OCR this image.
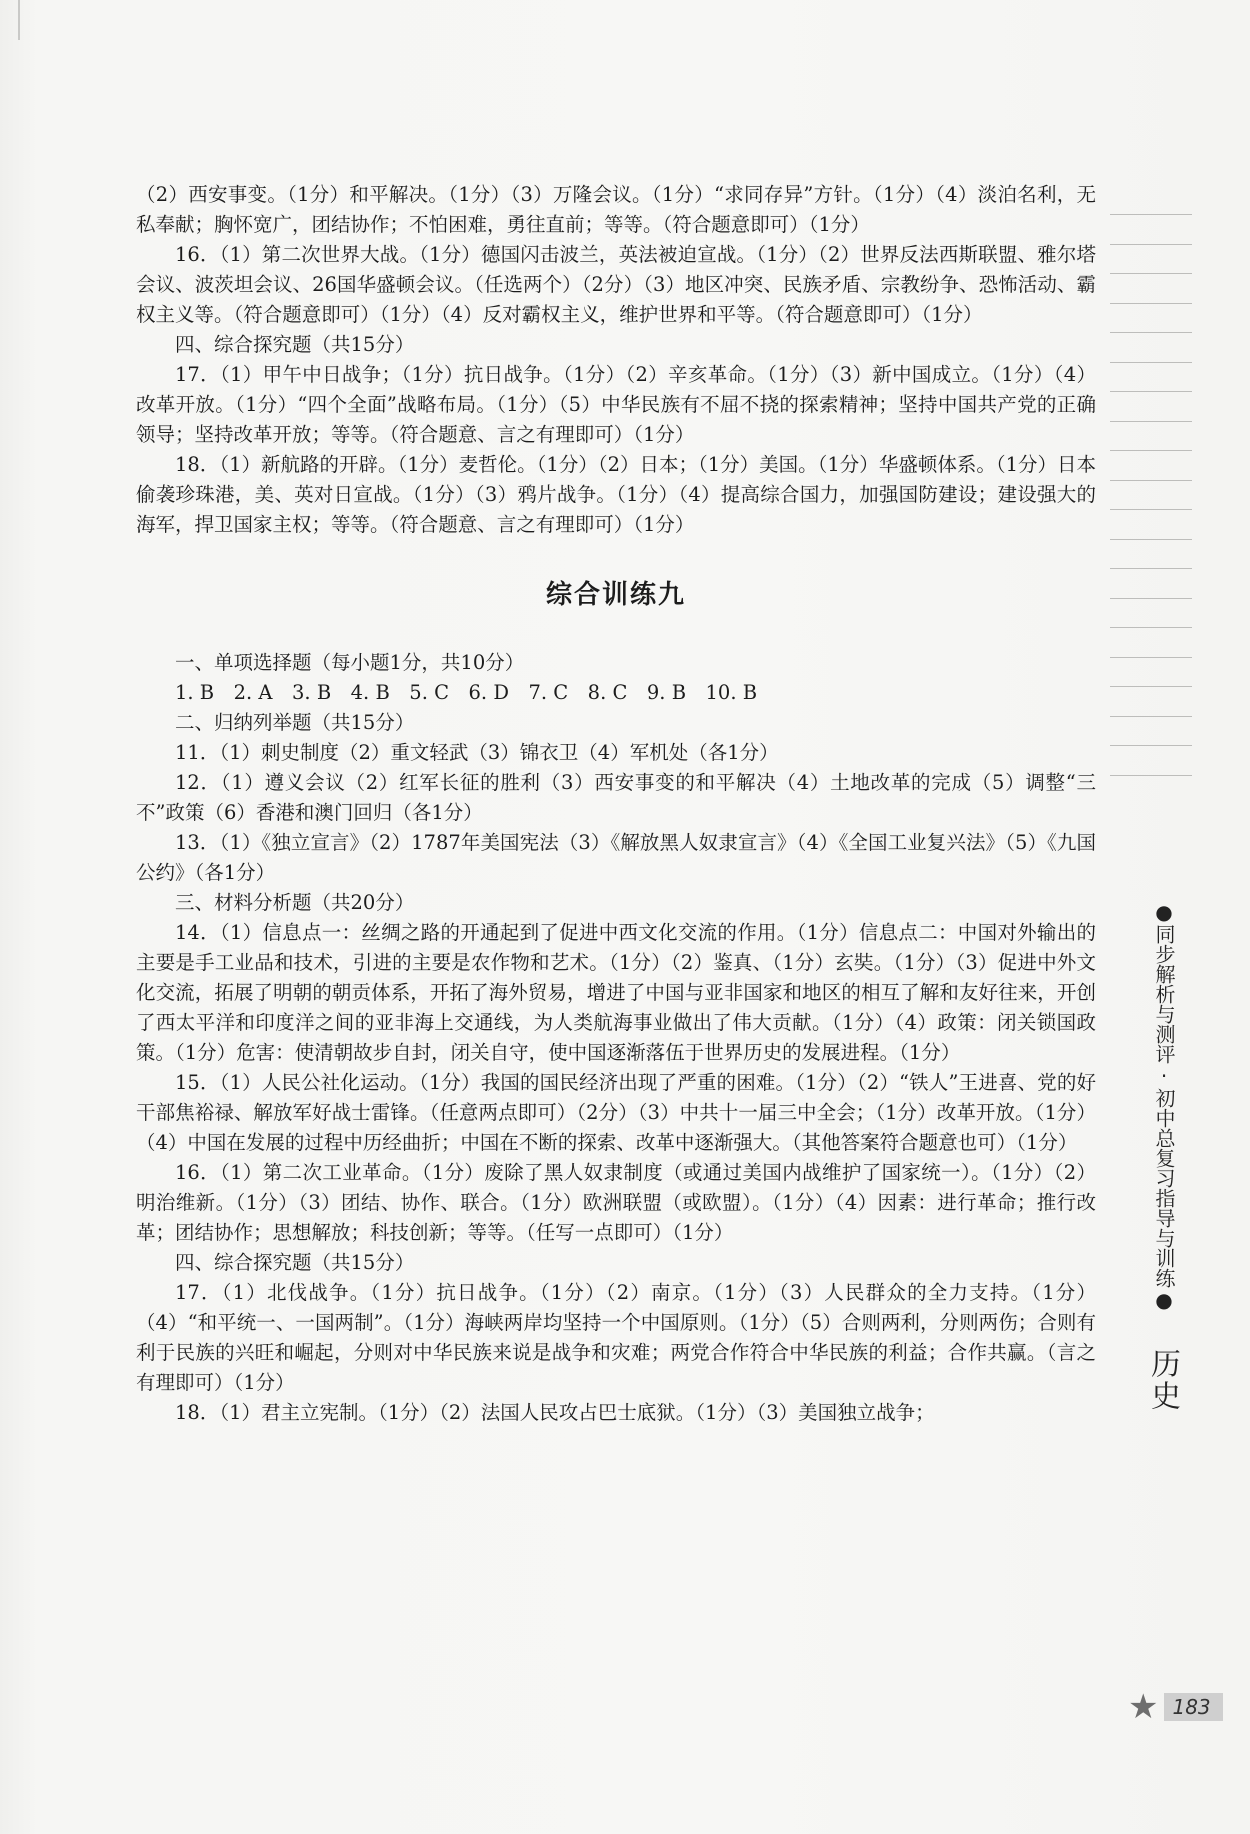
（2）西安事变。（1分）和平解决。（1分）（3）万隆会议。（1分）“求同存异”方针。（1分）（4）淡泊名利，无私奉献；胸怀宽广，团结协作；不怕困难，勇往直前；等等。（符合题意即可）（1分）

16．（1）第二次世界大战。（1分）德国闪击波兰，英法被迫宣战。（1分）（2）世界反法西斯联盟、雅尔塔会议、波茨坦会议、26国华盛顿会议。（任选两个）（2分）（3）地区冲突、民族矛盾、宗教纷争、恐怖活动、霸权主义等。（符合题意即可）（1分）（4）反对霸权主义，维护世界和平等。（符合题意即可）（1分）

四、综合探究题（共15分）

17．（1）甲午中日战争；（1分）抗日战争。（1分）（2）辛亥革命。（1分）（3）新中国成立。（1分）（4）改革开放。（1分）“四个全面”战略布局。（1分）（5）中华民族有不屈不挠的探索精神；坚持中国共产党的正确领导；坚持改革开放；等等。（符合题意、言之有理即可）（1分）

18．（1）新航路的开辟。（1分）麦哲伦。（1分）（2）日本；（1分）美国。（1分）华盛顿体系。（1分）日本偷袭珍珠港，美、英对日宣战。（1分）（3）鸦片战争。（1分）（4）提高综合国力，加强国防建设；建设强大的海军，捍卫国家主权；等等。（符合题意、言之有理即可）（1分）

综合训练九

一、单项选择题（每小题1分，共10分）

1. B　2. A　3. B　4. B　5. C　6. D　7. C　8. C　9. B　10. B

二、归纳列举题（共15分）

11．（1）刺史制度（2）重文轻武（3）锦衣卫（4）军机处（各1分）

12．（1）遵义会议（2）红军长征的胜利（3）西安事变的和平解决（4）土地改革的完成（5）调整“三不”政策（6）香港和澳门回归（各1分）

13．（1）《独立宣言》（2）1787年美国宪法（3）《解放黑人奴隶宣言》（4）《全国工业复兴法》（5）《九国公约》（各1分）

三、材料分析题（共20分）

14．（1）信息点一：丝绸之路的开通起到了促进中西文化交流的作用。（1分）信息点二：中国对外输出的主要是手工业品和技术，引进的主要是农作物和艺术。（1分）（2）鉴真、（1分）玄奘。（1分）（3）促进中外文化交流，拓展了明朝的朝贡体系，开拓了海外贸易，增进了中国与亚非国家和地区的相互了解和友好往来，开创了西太平洋和印度洋之间的亚非海上交通线，为人类航海事业做出了伟大贡献。（1分）（4）政策：闭关锁国政策。（1分）危害：使清朝故步自封，闭关自守，使中国逐渐落伍于世界历史的发展进程。（1分）

15．（1）人民公社化运动。（1分）我国的国民经济出现了严重的困难。（1分）（2）“铁人”王进喜、党的好干部焦裕禄、解放军好战士雷锋。（任意两点即可）（2分）（3）中共十一届三中全会；（1分）改革开放。（1分）（4）中国在发展的过程中历经曲折；中国在不断的探索、改革中逐渐强大。（其他答案符合题意也可）（1分）

16．（1）第二次工业革命。（1分）废除了黑人奴隶制度（或通过美国内战维护了国家统一）。（1分）（2）明治维新。（1分）（3）团结、协作、联合。（1分）欧洲联盟（或欧盟）。（1分）（4）因素：进行革命；推行改革；团结协作；思想解放；科技创新；等等。（任写一点即可）（1分）

四、综合探究题（共15分）

17．（1）北伐战争。（1分）抗日战争。（1分）（2）南京。（1分）（3）人民群众的全力支持。（1分）（4）“和平统一、一国两制”。（1分）海峡两岸均坚持一个中国原则。（1分）（5）合则两利，分则两伤；合则有利于民族的兴旺和崛起，分则对中华民族来说是战争和灾难；两党合作符合中华民族的利益；合作共赢。（言之有理即可）（1分）

18．（1）君主立宪制。（1分）（2）法国人民攻占巴士底狱。（1分）（3）美国独立战争；

●同步解析与测评·初中总复习指导与训练●
历史
★ 183
